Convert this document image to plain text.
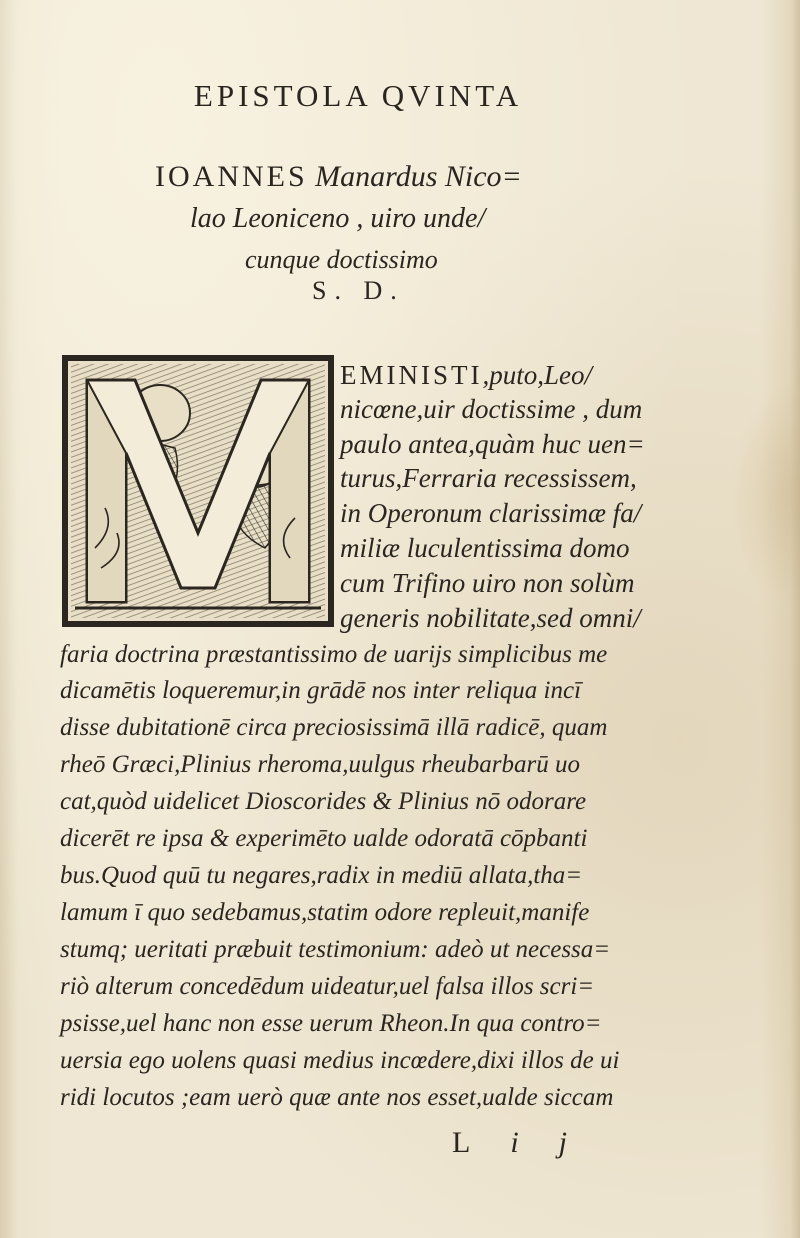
EPISTOLA QVINTA
IOANNES Manardus Nico=
lao Leoniceno , uiro unde/
cunque doctissimo
S. D.
EMINISTI,puto,Leo/
nicœne,uir doctissime , dum
paulo antea,quàm huc uen=
turus,Ferraria recessissem,
in Operonum clarissimæ fa/
miliæ luculentissima domo
cum Trifino uiro non solùm
generis nobilitate,sed omni/
faria doctrina præstantissimo de uarijs simplicibus me
dicamētis loqueremur,in grādē nos inter reliqua incī
disse dubitationē circa preciosissimā illā radicē, quam
rheō Græci,Plinius rheroma,uulgus rheubarbarū uo
cat,quòd uidelicet Dioscorides & Plinius nō odorare
dicerēt re ipsa & experimēto ualde odoratā cōpbanti
bus.Quod quū tu negares,radix in mediū allata,tha=
lamum ī quo sedebamus,statim odore repleuit,manife
stumq; ueritati præbuit testimonium: adeò ut necessa=
riò alterum concedēdum uideatur,uel falsa illos scri=
psisse,uel hanc non esse uerum Rheon.In qua contro=
uersia ego uolens quasi medius incœdere,dixi illos de ui
ridi locutos ;eam uerò quæ ante nos esset,ualde siccam
Lij
